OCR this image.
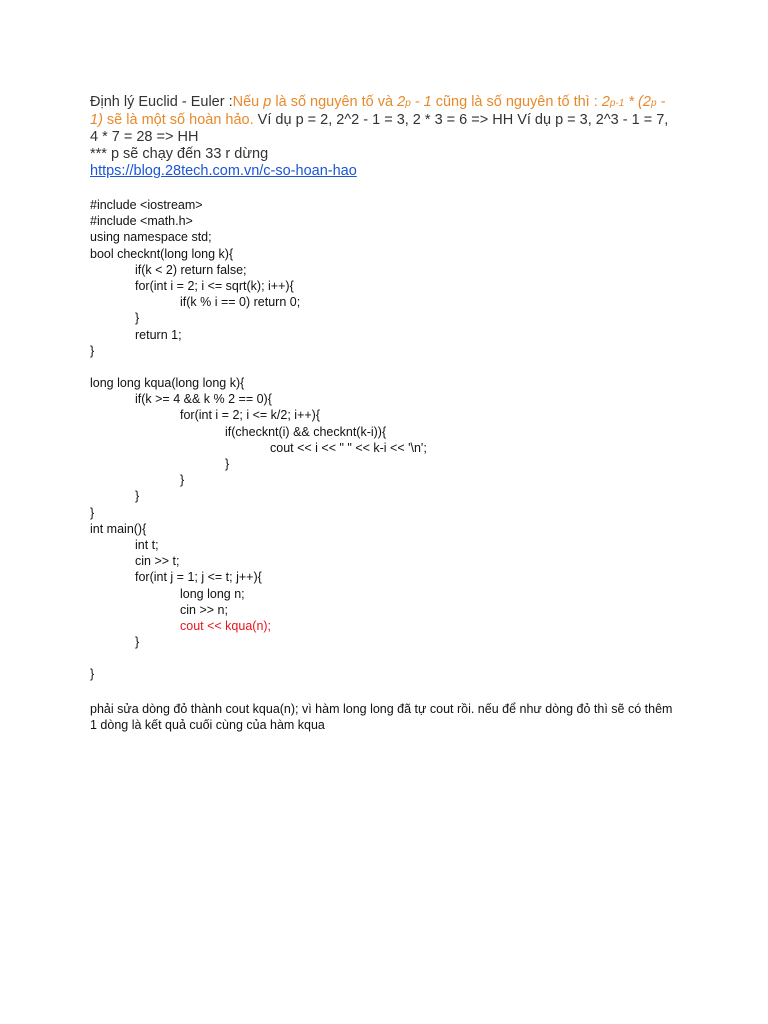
Định lý Euclid - Euler :Nếu p là số nguyên tố và 2p - 1 cũng là số nguyên tố thì : 2p-1 * (2p - 1) sẽ là một số hoàn hảo. Ví dụ p = 2, 2^2 - 1 = 3, 2 * 3 = 6 => HH Ví dụ p = 3, 2^3 - 1 = 7, 4 * 7 = 28 => HH
*** p sẽ chạy đến 33 r dừng
https://blog.28tech.com.vn/c-so-hoan-hao
#include <iostream>
#include <math.h>
using namespace std;
bool checknt(long long k){
if(k < 2) return false;
for(int i = 2; i <= sqrt(k); i++){
if(k % i == 0) return 0;
}
return 1;
}
long long kqua(long long k){
if(k >= 4 && k % 2 == 0){
for(int i = 2; i <= k/2; i++){
if(checknt(i) && checknt(k-i)){
cout << i << " " << k-i << '\n';
}
}
}
}
int main(){
int t;
cin >> t;
for(int j = 1; j <= t; j++){
long long n;
cin >> n;
cout << kqua(n);
}
}
phải sửa dòng đỏ thành cout kqua(n); vì hàm long long đã tự cout rồi. nếu để như dòng đỏ thì sẽ có thêm 1 dòng là kết quả cuối cùng của hàm kqua
